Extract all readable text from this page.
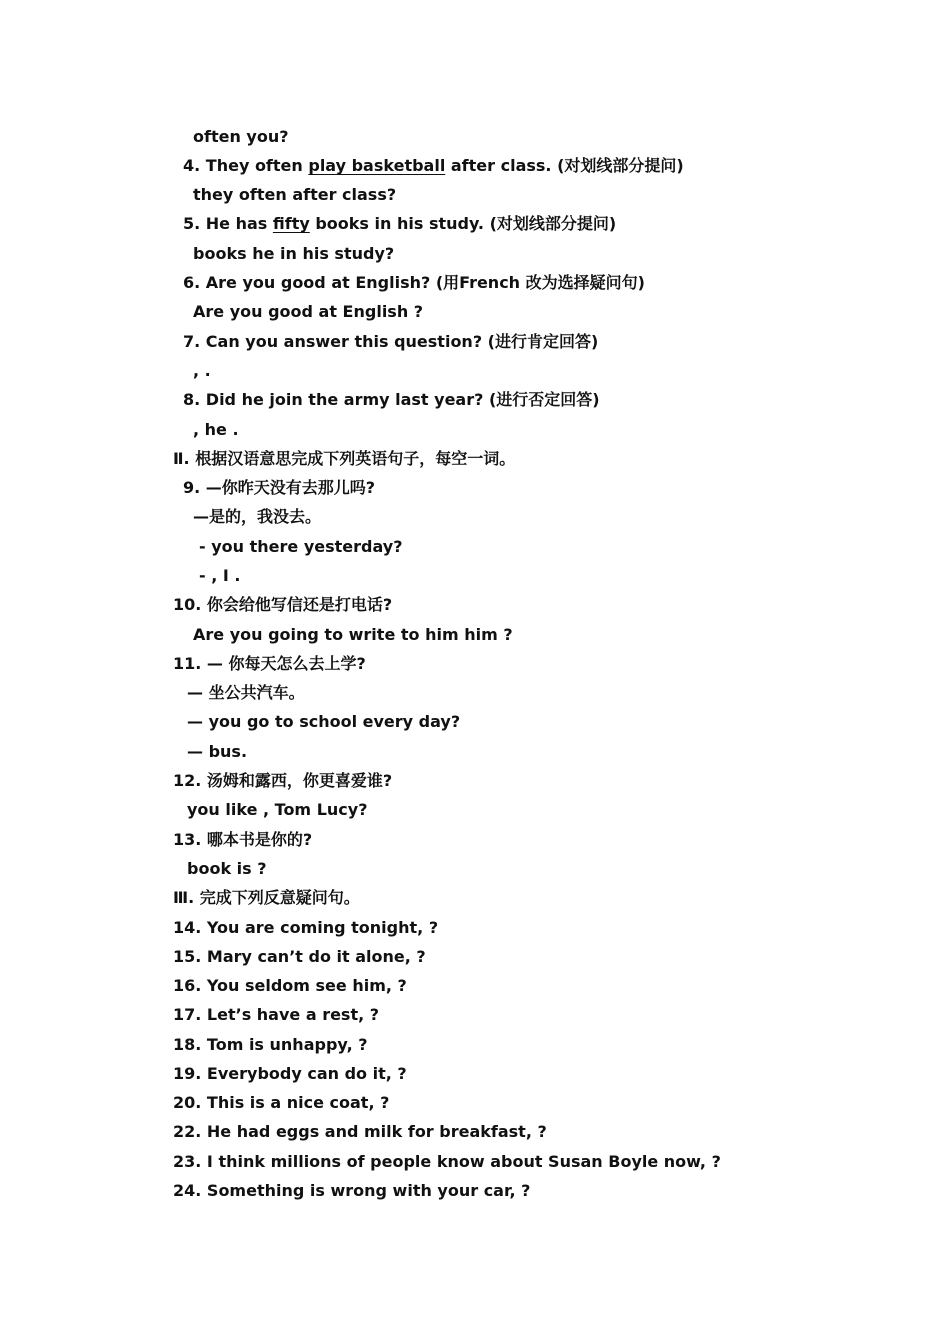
often you?
4. They often play basketball after class. (对划线部分提问)
they often after class?
5. He has fifty books in his study. (对划线部分提问)
books he in his study?
6. Are you good at English? (用French 改为选择疑问句)
Are you good at English ?
7. Can you answer this question? (进行肯定回答)
, .
8. Did he join the army last year? (进行否定回答)
, he .
Ⅱ. 根据汉语意思完成下列英语句子，每空一词。
9. —你昨天没有去那儿吗?
—是的，我没去。
- you there yesterday?
- , I .
10. 你会给他写信还是打电话?
Are you going to write to him him ?
11. — 你每天怎么去上学?
— 坐公共汽车。
— you go to school every day?
— bus.
12. 汤姆和露西，你更喜爱谁?
you like , Tom Lucy?
13. 哪本书是你的?
book is ?
Ⅲ. 完成下列反意疑问句。
14. You are coming tonight, ?
15. Mary can’t do it alone, ?
16. You seldom see him, ?
17. Let’s have a rest, ?
18. Tom is unhappy, ?
19. Everybody can do it, ?
20. This is a nice coat, ?
22. He had eggs and milk for breakfast, ?
23. I think millions of people know about Susan Boyle now, ?
24. Something is wrong with your car, ?
